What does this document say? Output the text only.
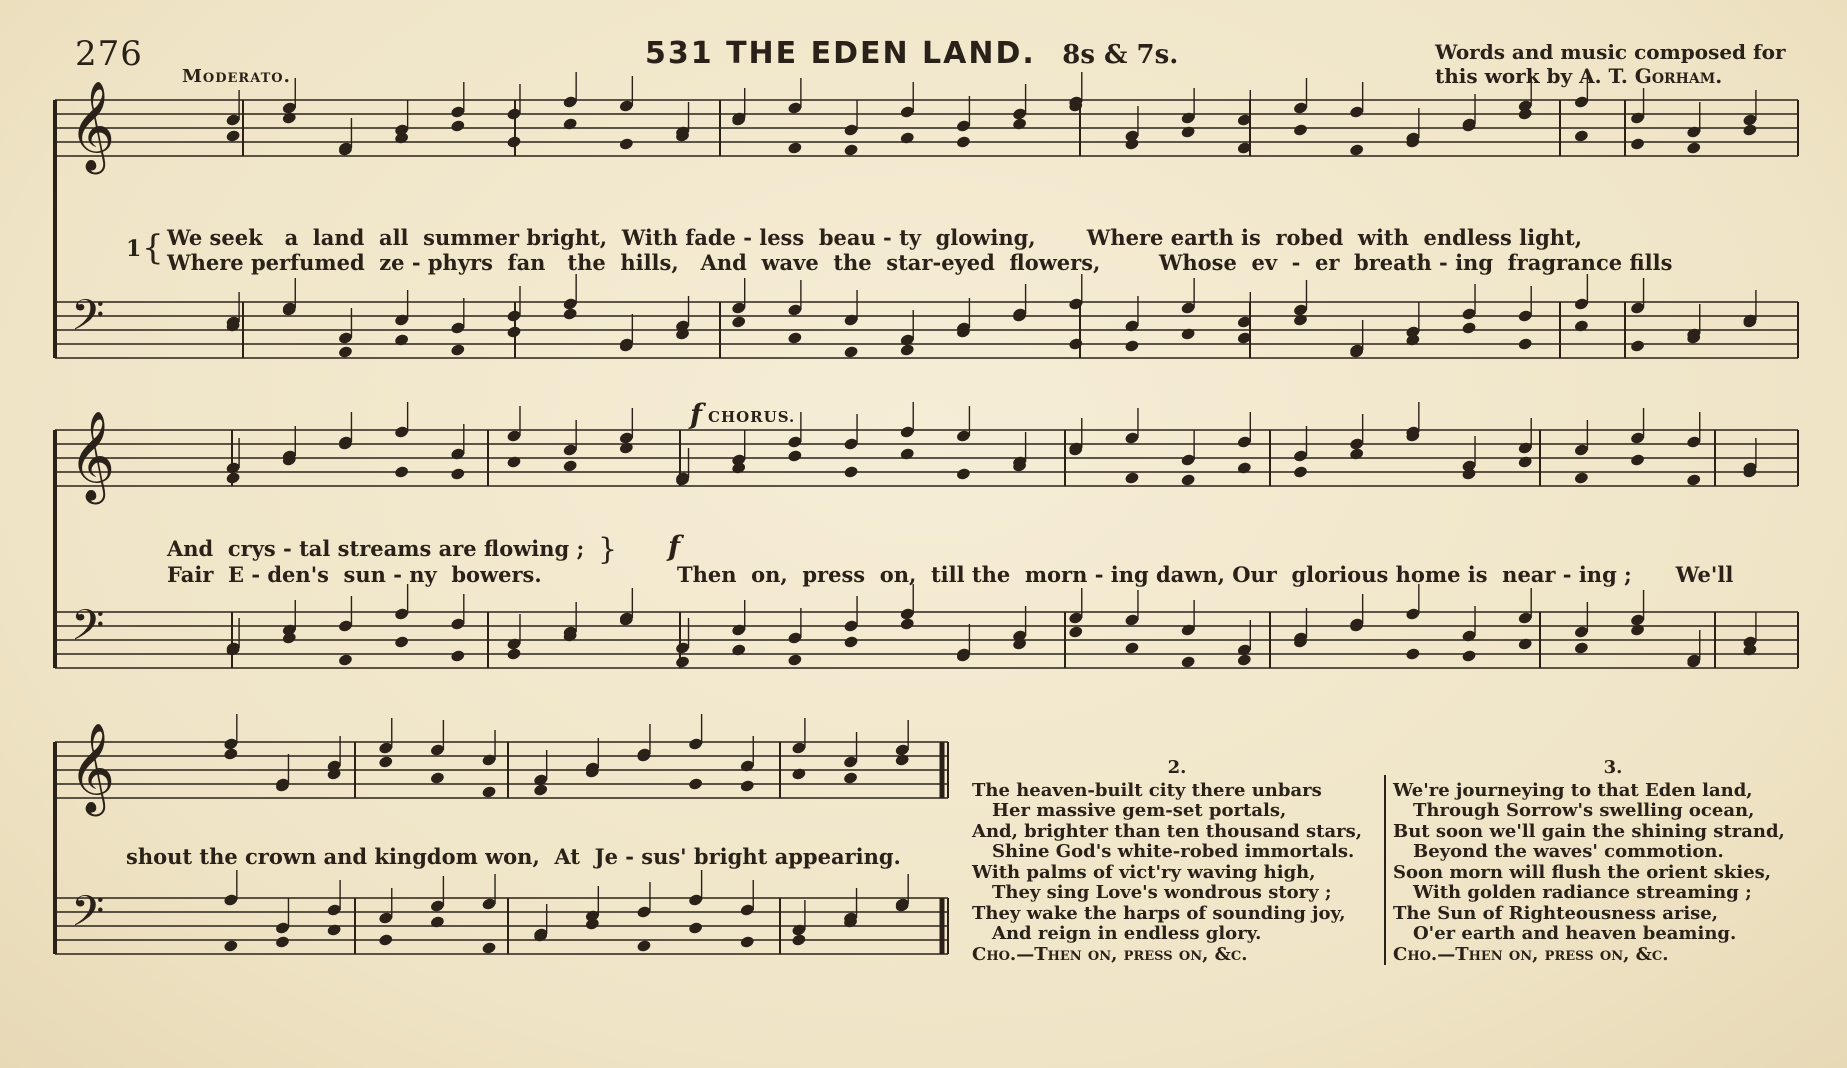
276	531 THE EDEN LAND. 8s & 7s.	Words and music composed for
this work by A. T. Gorham.
Moderato.
𝄞
𝄢
𝄞
𝄢
𝄞
𝄢
1 { We seek   a  land  all  summer bright,  With fade - less  beau - ty  glowing,       Where earth is  robed  with  endless light,
Where perfumed  ze - phyrs  fan   the  hills,   And  wave  the  star-eyed  flowers,        Whose  ev  -  er  breath - ing  fragrance fills
CHORUS.
f
And  crys - tal streams are flowing ;
Fair  E - den's  sun - ny  bowers.
} f
Then  on,  press  on,  till the  morn - ing dawn, Our  glorious home is  near - ing ;      We'll
shout the crown and kingdom won,  At  Je - sus' bright appearing.
2.
The heaven-built city there unbars
Her massive gem-set portals,
And, brighter than ten thousand stars,
Shine God's white-robed immortals.
With palms of vict'ry waving high,
They sing Love's wondrous story ;
They wake the harps of sounding joy,
And reign in endless glory.
Cho.—Then on, press on, &c.
3.
We're journeying to that Eden land,
Through Sorrow's swelling ocean,
But soon we'll gain the shining strand,
Beyond the waves' commotion.
Soon morn will flush the orient skies,
With golden radiance streaming ;
The Sun of Righteousness arise,
O'er earth and heaven beaming.
Cho.—Then on, press on, &c.
